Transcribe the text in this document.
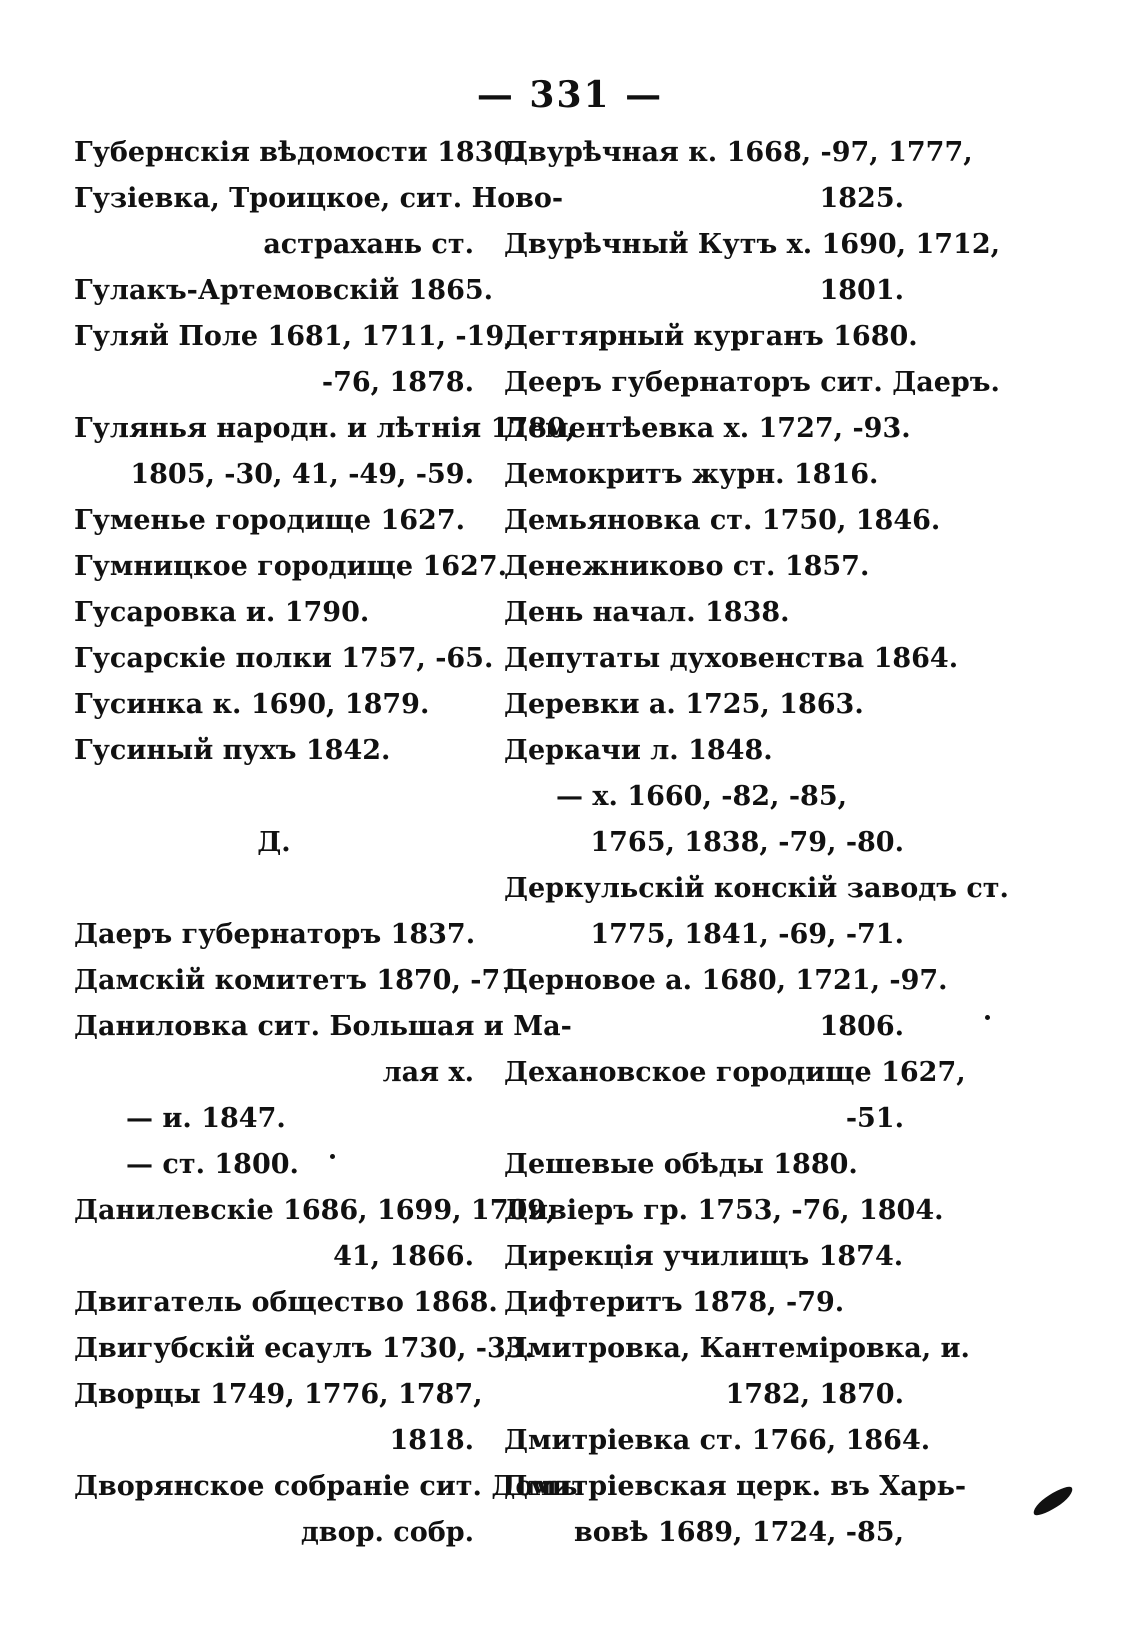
— 331 —
Губернскія вѣдомости 1830.
Гузіевка, Троицкое, сит. Ново-
астрахань ст.
Гулакъ-Артемовскій 1865.
Гуляй Поле 1681, 1711, -19,
-76, 1878.
Гулянья народн. и лѣтнія 1780,
1805, -30, 41, -49, -59.
Гуменье городище 1627.
Гумницкое городище 1627.
Гусаровка и. 1790.
Гусарскіе полки 1757, -65.
Гусинка к. 1690, 1879.
Гусиный пухъ 1842.
Д.
Даеръ губернаторъ 1837.
Дамскій комитетъ 1870, -71.
Даниловка сит. Большая и Ма-
лая х.
— и. 1847.
— ст. 1800.
Данилевскіе 1686, 1699, 1709,
41, 1866.
Двигатель общество 1868.
Двигубскій есаулъ 1730, -33.
Дворцы 1749, 1776, 1787,
1818.
Дворянское собраніе сит. Домъ
двор. собр.
Двурѣчная к. 1668, -97, 1777,
1825.
Двурѣчный Кутъ х. 1690, 1712,
1801.
Дегтярный курганъ 1680.
Деeръ губернаторъ сит. Даеръ.
Дементѣевка х. 1727, -93.
Демокритъ журн. 1816.
Демьяновка ст. 1750, 1846.
Денежниково ст. 1857.
День начал. 1838.
Депутаты духовенства 1864.
Деревки а. 1725, 1863.
Деркачи л. 1848.
— х. 1660, -82, -85,
1765, 1838, -79, -80.
Деркульскій конскій заводъ ст.
1775, 1841, -69, -71.
Дерновое а. 1680, 1721, -97.
1806.
Дехановское городище 1627,
-51.
Дешевые обѣды 1880.
Дивіеръ гр. 1753, -76, 1804.
Дирекція училищъ 1874.
Дифтеритъ 1878, -79.
Дмитровка, Кантеміровка, и.
1782, 1870.
Дмитріевка ст. 1766, 1864.
Дмитріевская церк. въ Харь-
вовѣ 1689, 1724, -85,
